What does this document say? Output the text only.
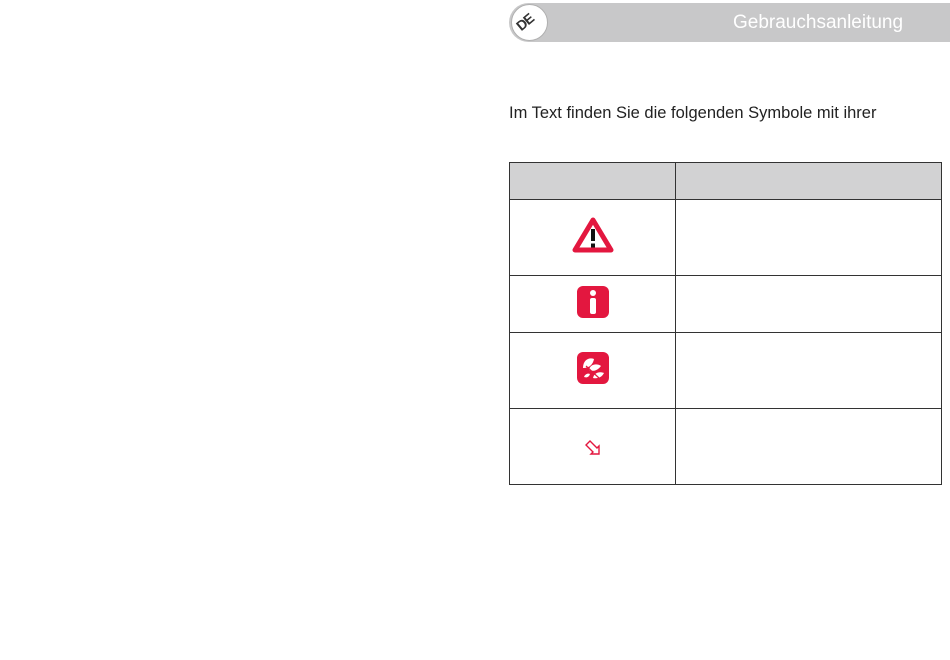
DE	Gebrauchsanleitung
Im Text finden Sie die folgenden Symbole mit ihrer
